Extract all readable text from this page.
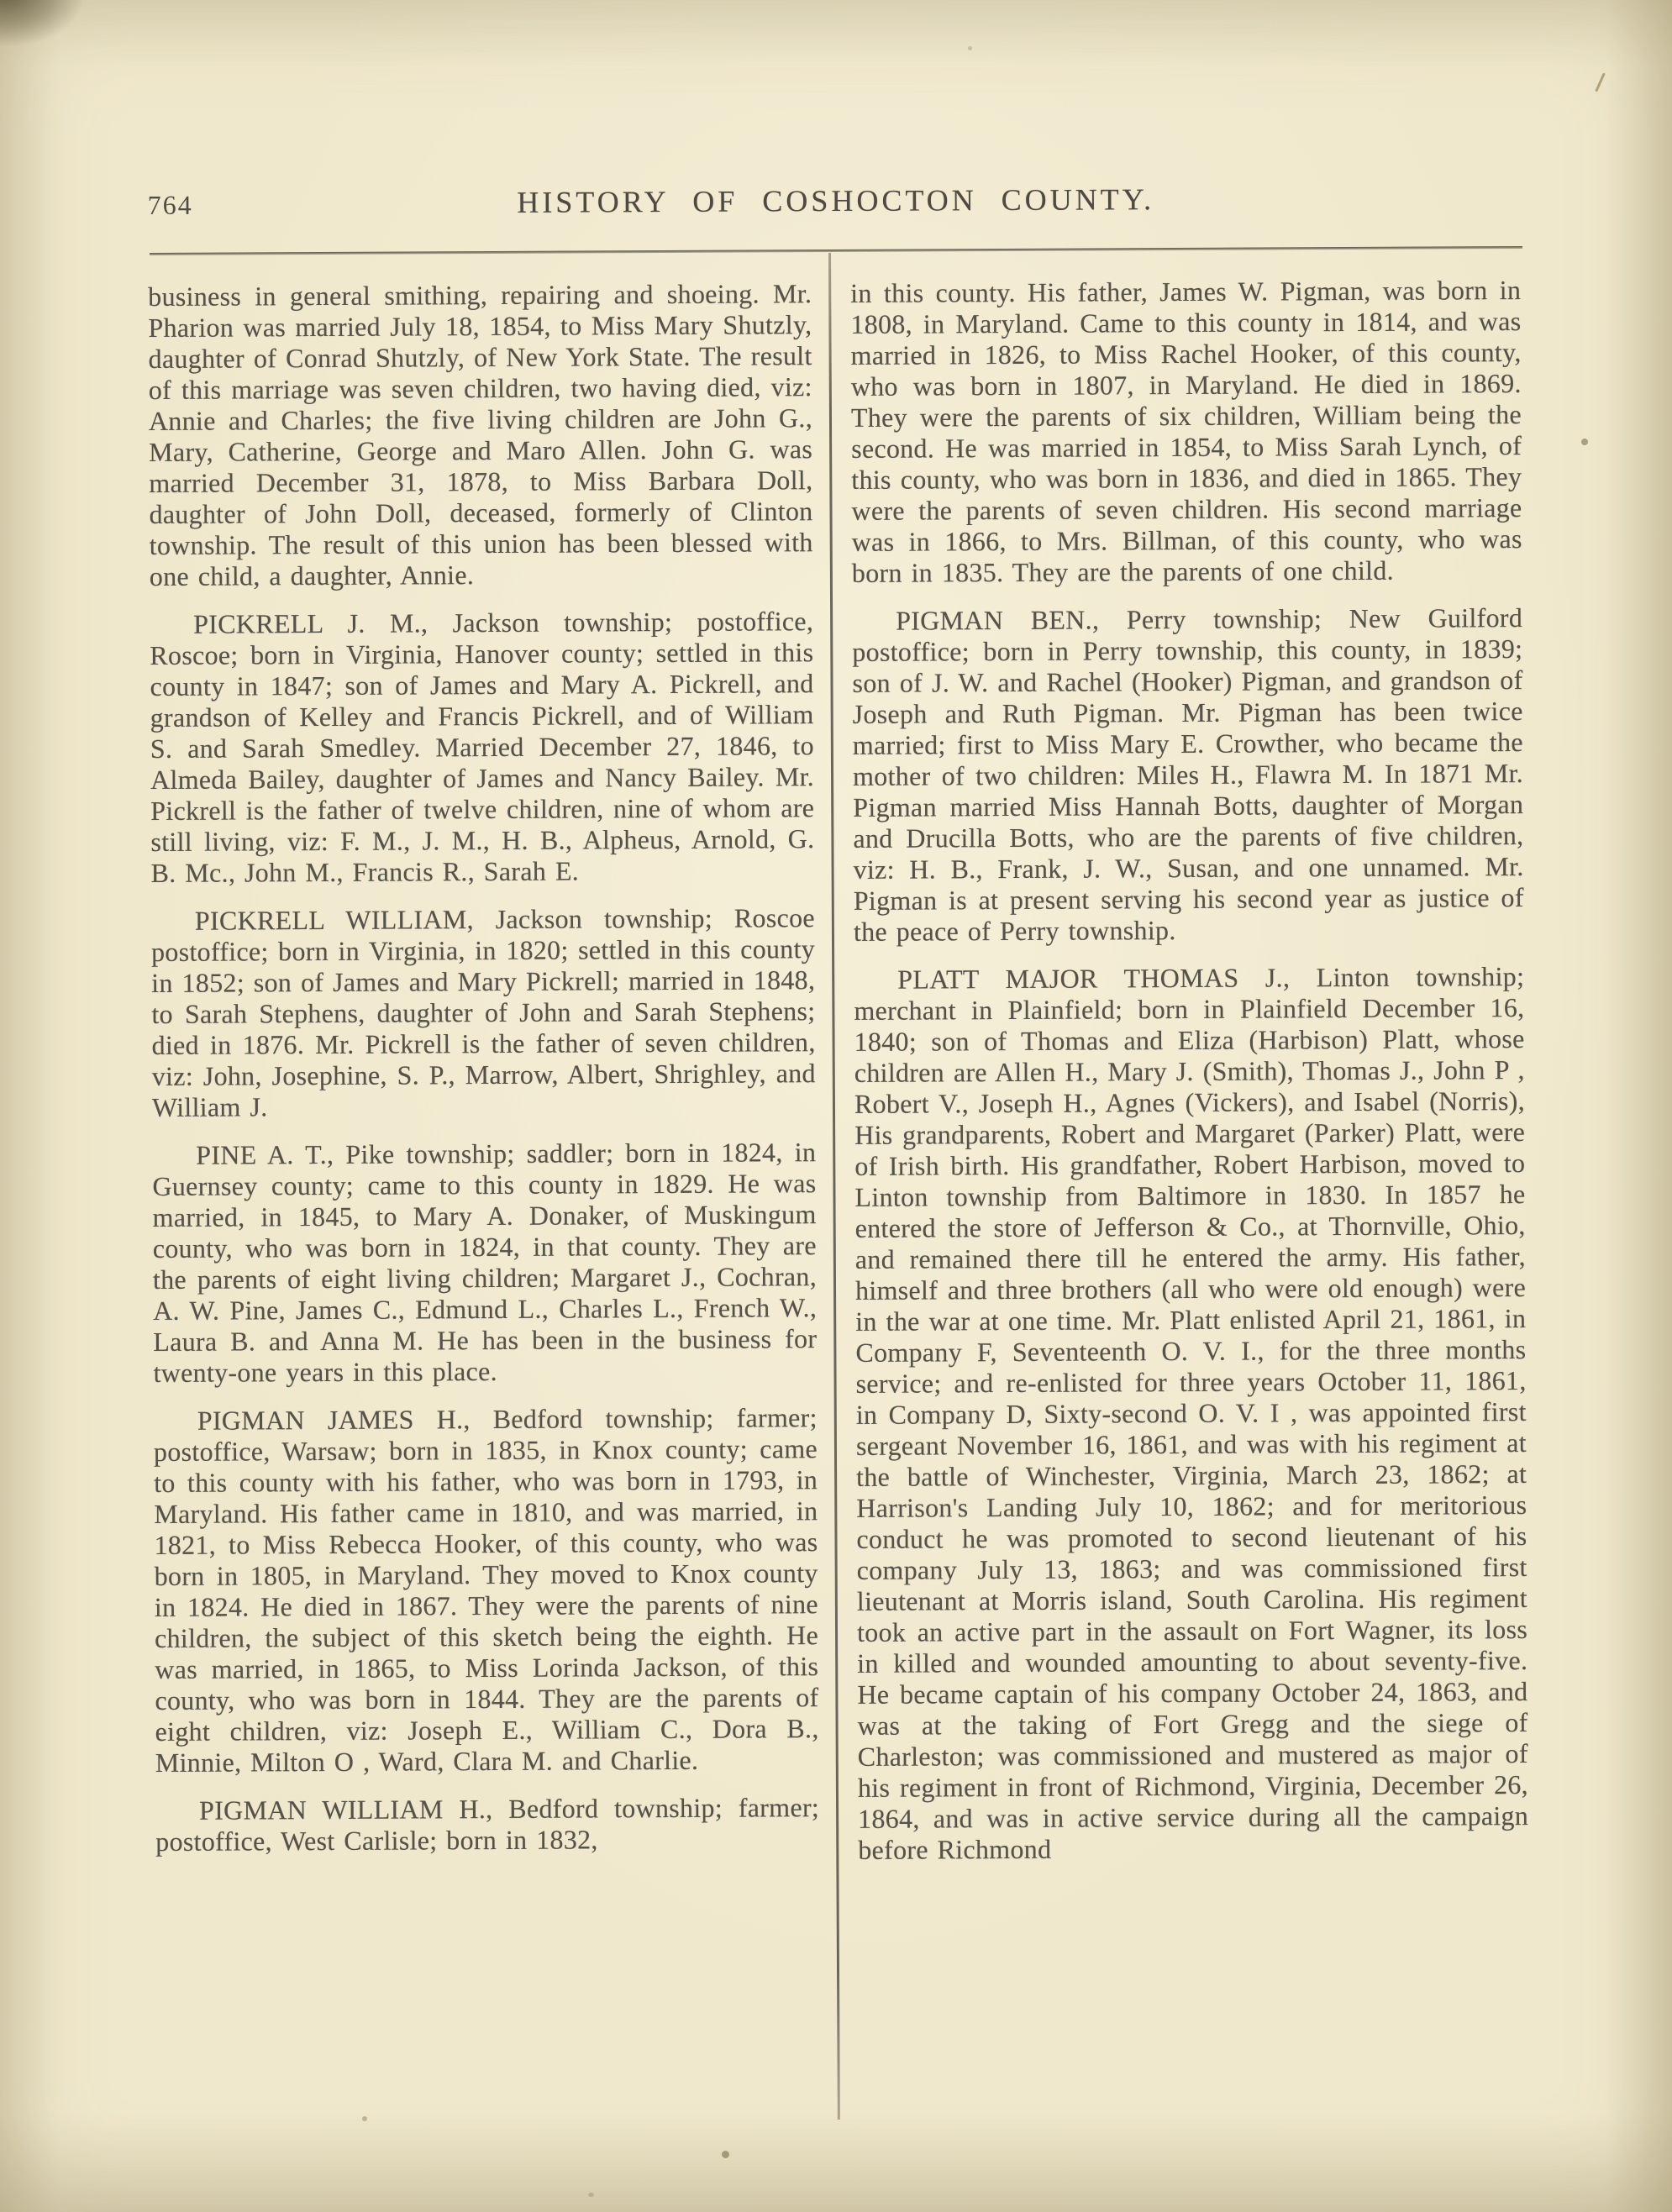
764	HISTORY OF COSHOCTON COUNTY.

business in general smithing, repairing and shoeing. Mr. Pharion was married July 18, 1854, to Miss Mary Shutzly, daughter of Conrad Shutzly, of New York State. The result of this marriage was seven children, two having died, viz: Annie and Charles; the five living children are John G., Mary, Catherine, George and Maro Allen. John G. was married December 31, 1878, to Miss Barbara Doll, daughter of John Doll, deceased, formerly of Clinton township. The result of this union has been blessed with one child, a daughter, Annie.

PICKRELL J. M., Jackson township; postoffice, Roscoe; born in Virginia, Hanover county; settled in this county in 1847; son of James and Mary A. Pickrell, and grandson of Kelley and Francis Pickrell, and of William S. and Sarah Smedley. Married December 27, 1846, to Almeda Bailey, daughter of James and Nancy Bailey. Mr. Pickrell is the father of twelve children, nine of whom are still living, viz: F. M., J. M., H. B., Alpheus, Arnold, G. B. Mc., John M., Francis R., Sarah E.

PICKRELL WILLIAM, Jackson township; Roscoe postoffice; born in Virginia, in 1820; settled in this county in 1852; son of James and Mary Pickrell; married in 1848, to Sarah Stephens, daughter of John and Sarah Stephens; died in 1876. Mr. Pickrell is the father of seven children, viz: John, Josephine, S. P., Marrow, Albert, Shrighley, and William J.

PINE A. T., Pike township; saddler; born in 1824, in Guernsey county; came to this county in 1829. He was married, in 1845, to Mary A. Donaker, of Muskingum county, who was born in 1824, in that county. They are the parents of eight living children; Margaret J., Cochran, A. W. Pine, James C., Edmund L., Charles L., French W., Laura B. and Anna M. He has been in the business for twenty-one years in this place.

PIGMAN JAMES H., Bedford township; farmer; postoffice, Warsaw; born in 1835, in Knox county; came to this county with his father, who was born in 1793, in Maryland. His father came in 1810, and was married, in 1821, to Miss Rebecca Hooker, of this county, who was born in 1805, in Maryland. They moved to Knox county in 1824. He died in 1867. They were the parents of nine children, the subject of this sketch being the eighth. He was married, in 1865, to Miss Lorinda Jackson, of this county, who was born in 1844. They are the parents of eight children, viz: Joseph E., William C., Dora B., Minnie, Milton O , Ward, Clara M. and Charlie.

PIGMAN WILLIAM H., Bedford township; farmer; postoffice, West Carlisle; born in 1832,

in this county. His father, James W. Pigman, was born in 1808, in Maryland. Came to this county in 1814, and was married in 1826, to Miss Rachel Hooker, of this county, who was born in 1807, in Maryland. He died in 1869. They were the parents of six children, William being the second. He was married in 1854, to Miss Sarah Lynch, of this county, who was born in 1836, and died in 1865. They were the parents of seven children. His second marriage was in 1866, to Mrs. Billman, of this county, who was born in 1835. They are the parents of one child.

PIGMAN BEN., Perry township; New Guilford postoffice; born in Perry township, this county, in 1839; son of J. W. and Rachel (Hooker) Pigman, and grandson of Joseph and Ruth Pigman. Mr. Pigman has been twice married; first to Miss Mary E. Crowther, who became the mother of two children: Miles H., Flawra M. In 1871 Mr. Pigman married Miss Hannah Botts, daughter of Morgan and Drucilla Botts, who are the parents of five children, viz: H. B., Frank, J. W., Susan, and one unnamed. Mr. Pigman is at present serving his second year as justice of the peace of Perry township.

PLATT MAJOR THOMAS J., Linton township; merchant in Plainfield; born in Plainfield December 16, 1840; son of Thomas and Eliza (Harbison) Platt, whose children are Allen H., Mary J. (Smith), Thomas J., John P , Robert V., Joseph H., Agnes (Vickers), and Isabel (Norris), His grandparents, Robert and Margaret (Parker) Platt, were of Irish birth. His grandfather, Robert Harbison, moved to Linton township from Baltimore in 1830. In 1857 he entered the store of Jefferson & Co., at Thornville, Ohio, and remained there till he entered the army. His father, himself and three brothers (all who were old enough) were in the war at one time. Mr. Platt enlisted April 21, 1861, in Company F, Seventeenth O. V. I., for the three months service; and re-enlisted for three years October 11, 1861, in Company D, Sixty-second O. V. I , was appointed first sergeant November 16, 1861, and was with his regiment at the battle of Winchester, Virginia, March 23, 1862; at Harrison's Landing July 10, 1862; and for meritorious conduct he was promoted to second lieutenant of his company July 13, 1863; and was commissioned first lieutenant at Morris island, South Carolina. His regiment took an active part in the assault on Fort Wagner, its loss in killed and wounded amounting to about seventy-five. He became captain of his company October 24, 1863, and was at the taking of Fort Gregg and the siege of Charleston; was commissioned and mustered as major of his regiment in front of Richmond, Virginia, December 26, 1864, and was in active service during all the campaign before Richmond
